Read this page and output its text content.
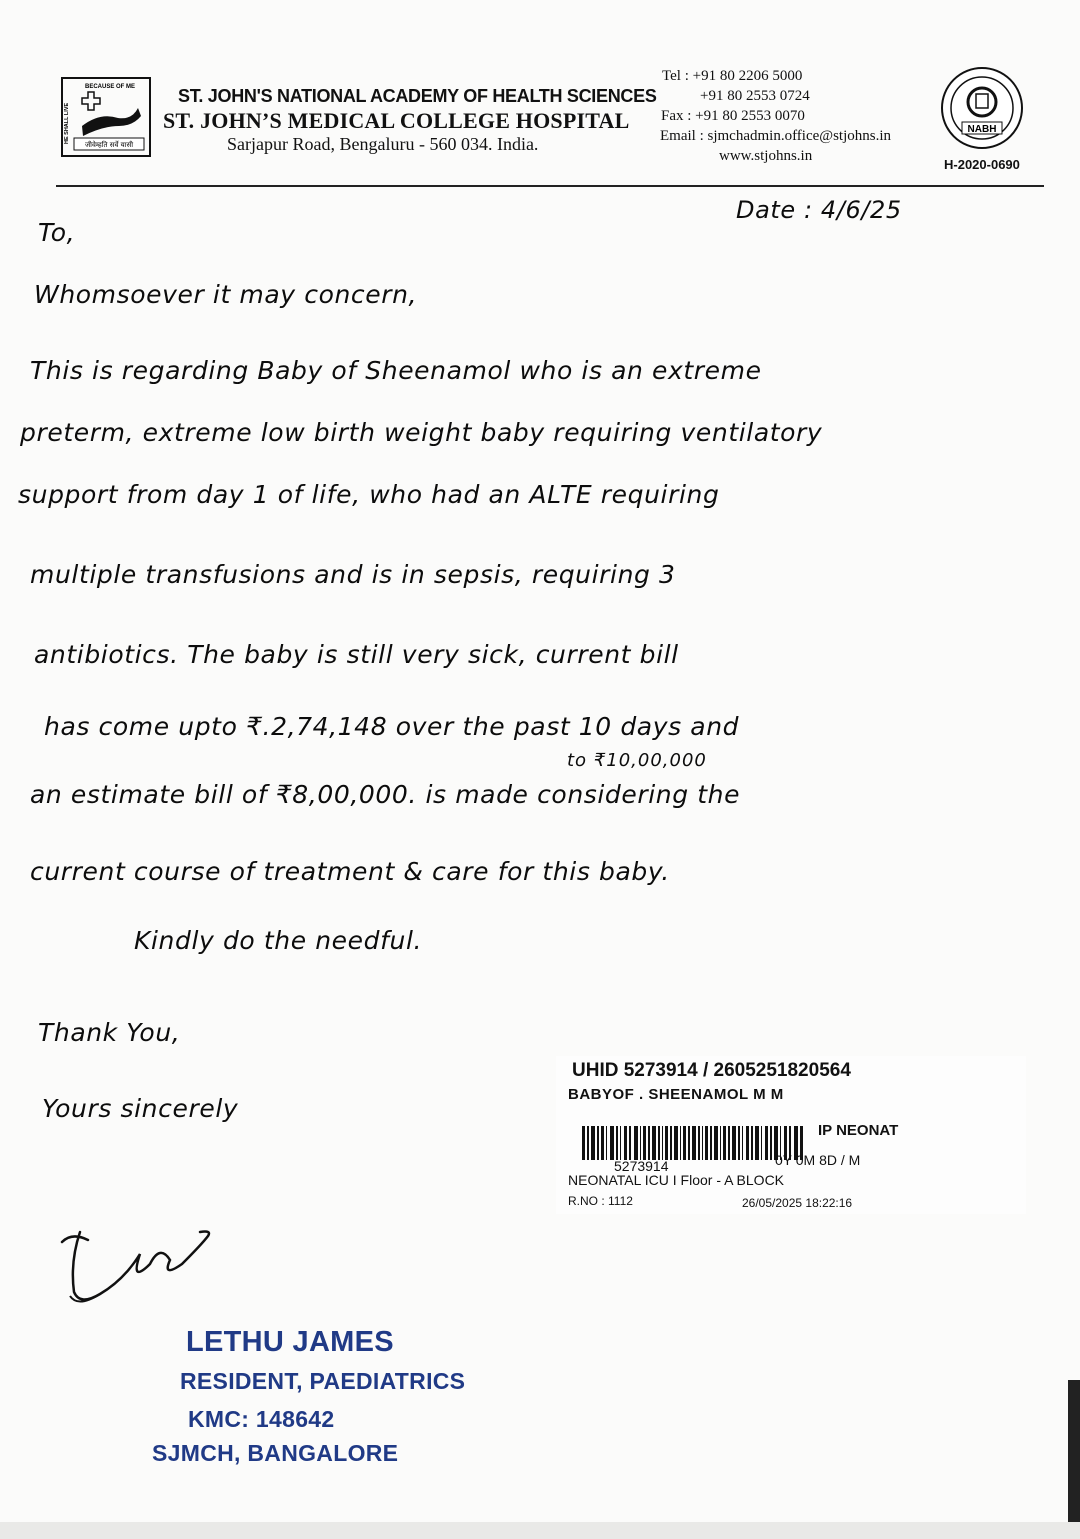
BECAUSE OF ME
HE SHALL LIVE
जीवेम्हति सर्वे यासी
ST. JOHN'S NATIONAL ACADEMY OF HEALTH SCIENCES
ST. JOHN’S MEDICAL COLLEGE HOSPITAL
Sarjapur Road, Bengaluru - 560 034. India.
Tel : +91 80 2206 5000
+91 80 2553 0724
Fax : +91 80 2553 0070
Email : sjmchadmin.office@stjohns.in
www.stjohns.in
NABH
H-2020-0690
Date : 4/6/25
To,
Whomsoever it may concern,
This is regarding Baby of Sheenamol who is an extreme
preterm, extreme low birth weight baby requiring ventilatory
support from day 1 of life, who had an ALTE requiring
multiple transfusions and is in sepsis, requiring 3
antibiotics. The baby is still very sick, current bill
has come upto ₹.2,74,148 over the past 10 days and
to ₹10,00,000
an estimate bill of ₹8,00,000. is made considering the
current course of treatment & care for this baby.
Kindly do the needful.
Thank You,
Yours sincerely
LETHU JAMES
RESIDENT, PAEDIATRICS
KMC: 148642
SJMCH, BANGALORE
UHID 5273914 / 2605251820564
BABYOF . SHEENAMOL M M
IP NEONAT
5273914	0Y 0M 8D / M
NEONATAL ICU I Floor - A BLOCK
R.NO : 1112	26/05/2025 18:22:16
